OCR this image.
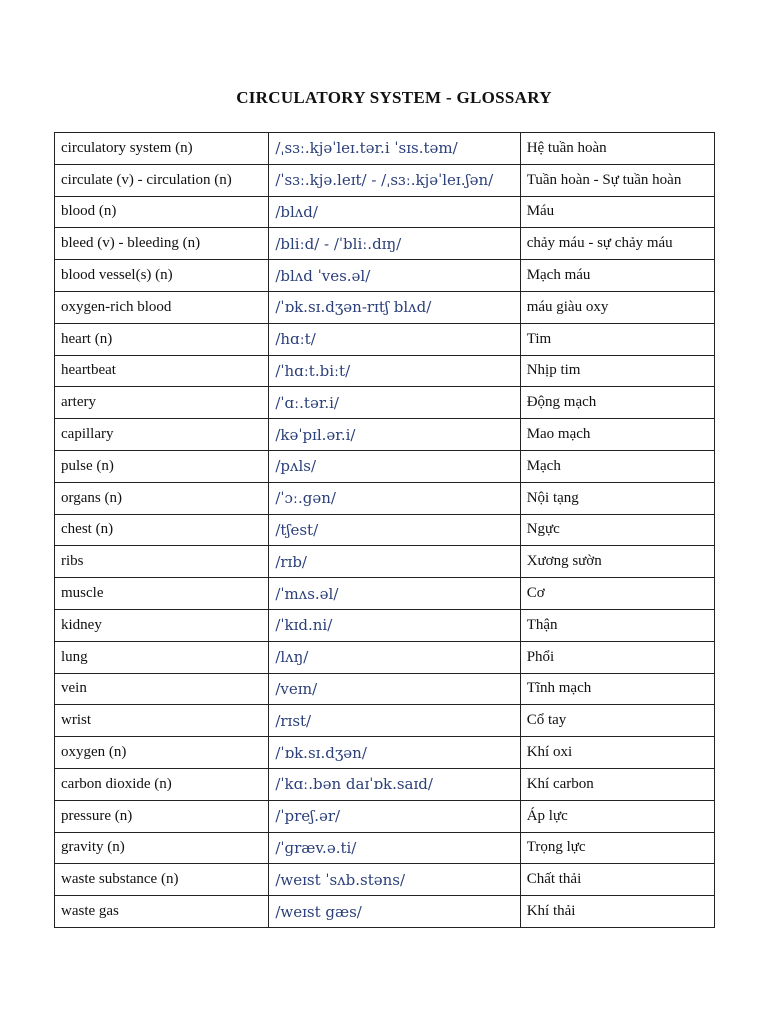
CIRCULATORY SYSTEM - GLOSSARY
circulatory system (n)	/ˌsɜː.kjəˈleɪ.tər.i ˈsɪs.təm/	Hệ tuần hoàn
circulate (v) - circulation (n)	/ˈsɜː.kjə.leɪt/ - /ˌsɜː.kjəˈleɪ.ʃən/	Tuần hoàn - Sự tuần hoàn
blood (n)	/blʌd/	Máu
bleed (v) - bleeding (n)	/bliːd/ - /ˈbliː.dɪŋ/	chảy máu - sự chảy máu
blood vessel(s) (n)	/blʌd ˈves.əl/	Mạch máu
oxygen-rich blood	/ˈɒk.sɪ.dʒən-rɪtʃ blʌd/	máu giàu oxy
heart (n)	/hɑːt/	Tim
heartbeat	/ˈhɑːt.biːt/	Nhịp tim
artery	/ˈɑː.tər.i/	Động mạch
capillary	/kəˈpɪl.ər.i/	Mao mạch
pulse (n)	/pʌls/	Mạch
organs (n)	/ˈɔː.gən/	Nội tạng
chest (n)	/tʃest/	Ngực
ribs	/rɪb/	Xương sườn
muscle	/ˈmʌs.əl/	Cơ
kidney	/ˈkɪd.ni/	Thận
lung	/lʌŋ/	Phổi
vein	/veɪn/	Tĩnh mạch
wrist	/rɪst/	Cổ tay
oxygen (n)	/ˈɒk.sɪ.dʒən/	Khí oxi
carbon dioxide (n)	/ˈkɑː.bən daɪˈɒk.saɪd/	Khí carbon
pressure (n)	/ˈpreʃ.ər/	Áp lực
gravity (n)	/ˈɡræv.ə.ti/	Trọng lực
waste substance (n)	/weɪst ˈsʌb.stəns/	Chất thải
waste gas	/weɪst gæs/	Khí thải
